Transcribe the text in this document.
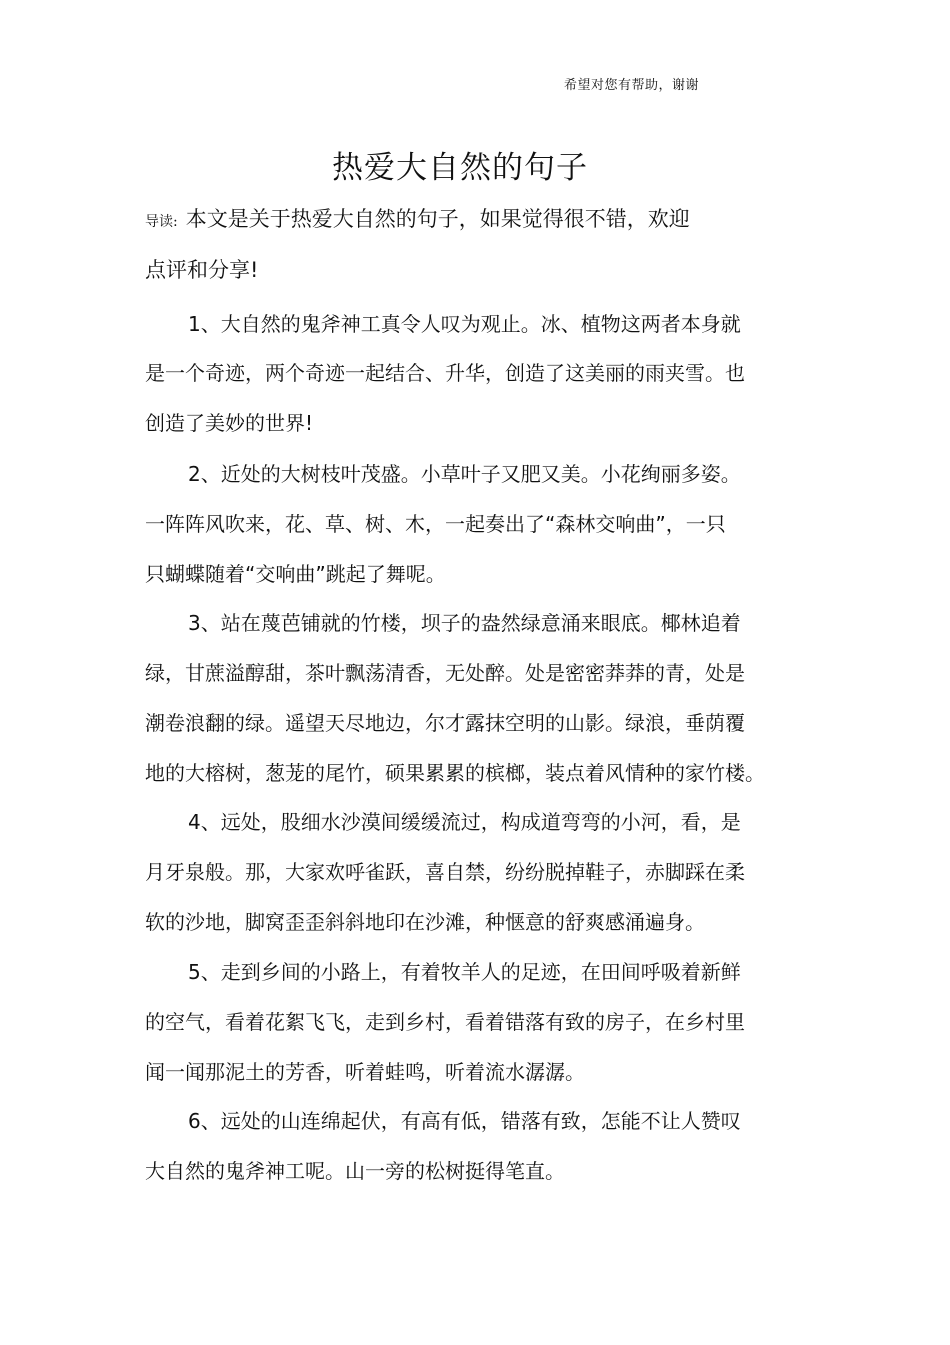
希望对您有帮助，谢谢
热爱大自然的句子
导读: 本文是关于热爱大自然的句子，如果觉得很不错，欢迎
点评和分享!
1、大自然的鬼斧神工真令人叹为观止。冰、植物这两者本身就
是一个奇迹，两个奇迹一起结合、升华，创造了这美丽的雨夹雪。也
创造了美妙的世界!
2、近处的大树枝叶茂盛。小草叶子又肥又美。小花绚丽多姿。
一阵阵风吹来，花、草、树、木，一起奏出了“森林交响曲”，一只
只蝴蝶随着“交响曲”跳起了舞呢。
3、站在蔑芭铺就的竹楼，坝子的盎然绿意涌来眼底。椰林追着
绿，甘蔗溢醇甜，茶叶飘荡清香，无处醉。处是密密莽莽的青，处是
潮卷浪翻的绿。遥望天尽地边，尔才露抹空明的山影。绿浪，垂荫覆
地的大榕树，葱茏的尾竹，硕果累累的槟榔，装点着风情种的家竹楼。
4、远处，股细水沙漠间缓缓流过，构成道弯弯的小河，看，是
月牙泉般。那，大家欢呼雀跃，喜自禁，纷纷脱掉鞋子，赤脚踩在柔
软的沙地，脚窝歪歪斜斜地印在沙滩，种惬意的舒爽感涌遍身。
5、走到乡间的小路上，有着牧羊人的足迹，在田间呼吸着新鲜
的空气，看着花絮飞飞，走到乡村，看着错落有致的房子，在乡村里
闻一闻那泥土的芳香，听着蛙鸣，听着流水潺潺。
6、远处的山连绵起伏，有高有低，错落有致，怎能不让人赞叹
大自然的鬼斧神工呢。山一旁的松树挺得笔直。
